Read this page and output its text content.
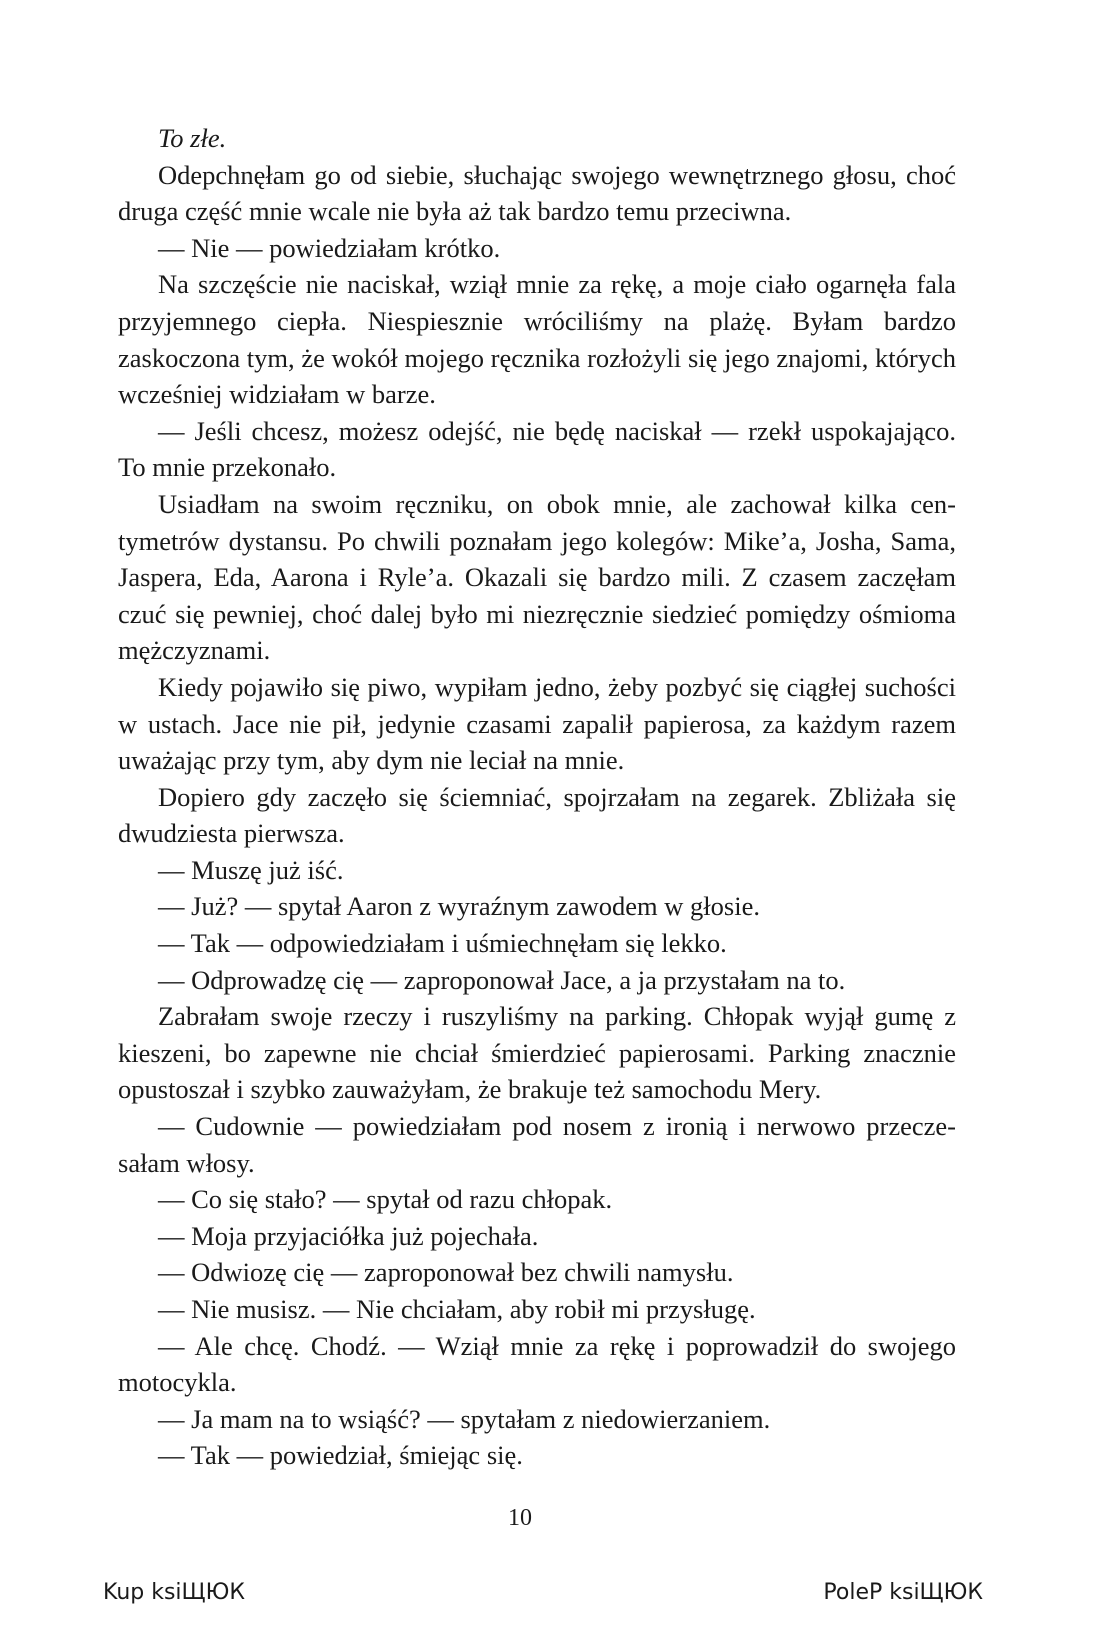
To złe.

Odepchnęłam go od siebie, słuchając swojego wewnętrznego głosu, choć druga część mnie wcale nie była aż tak bardzo temu przeciwna.

— Nie — powiedziałam krótko.

Na szczęście nie naciskał, wziął mnie za rękę, a moje ciało ogarnęła fala przyjemnego ciepła. Niespiesznie wróciliśmy na plażę. Byłam bardzo zaskoczona tym, że wokół mojego ręcznika rozłożyli się jego znajomi, których wcześniej widziałam w barze.

— Jeśli chcesz, możesz odejść, nie będę naciskał — rzekł uspokajająco. To mnie przekonało.

Usiadłam na swoim ręczniku, on obok mnie, ale zachował kilka centymetrów dystansu. Po chwili poznałam jego kolegów: Mike’a, Josha, Sama, Jaspera, Eda, Aarona i Ryle’a. Okazali się bardzo mili. Z czasem zaczęłam czuć się pewniej, choć dalej było mi niezręcznie siedzieć pomiędzy ośmioma mężczyznami.

Kiedy pojawiło się piwo, wypiłam jedno, żeby pozbyć się ciągłej suchości w ustach. Jace nie pił, jedynie czasami zapalił papierosa, za każdym razem uważając przy tym, aby dym nie leciał na mnie.

Dopiero gdy zaczęło się ściemniać, spojrzałam na zegarek. Zbliżała się dwudziesta pierwsza.

— Muszę już iść.

— Już? — spytał Aaron z wyraźnym zawodem w głosie.

— Tak — odpowiedziałam i uśmiechnęłam się lekko.

— Odprowadzę cię — zaproponował Jace, a ja przystałam na to.

Zabrałam swoje rzeczy i ruszyliśmy na parking. Chłopak wyjął gumę z kieszeni, bo zapewne nie chciał śmierdzieć papierosami. Parking znacznie opustoszał i szybko zauważyłam, że brakuje też samochodu Mery.

— Cudownie — powiedziałam pod nosem z ironią i nerwowo przeczesałam włosy.

— Co się stało? — spytał od razu chłopak.

— Moja przyjaciółka już pojechała.

— Odwiozę cię — zaproponował bez chwili namysłu.

— Nie musisz. — Nie chciałam, aby robił mi przysługę.

— Ale chcę. Chodź. — Wziął mnie za rękę i poprowadził do swojego motocykla.

— Ja mam na to wsiąść? — spytałam z niedowierzaniem.

— Tak — powiedział, śmiejąc się.

10
Kup ksiЩЮК	PoleP ksiЩЮК
